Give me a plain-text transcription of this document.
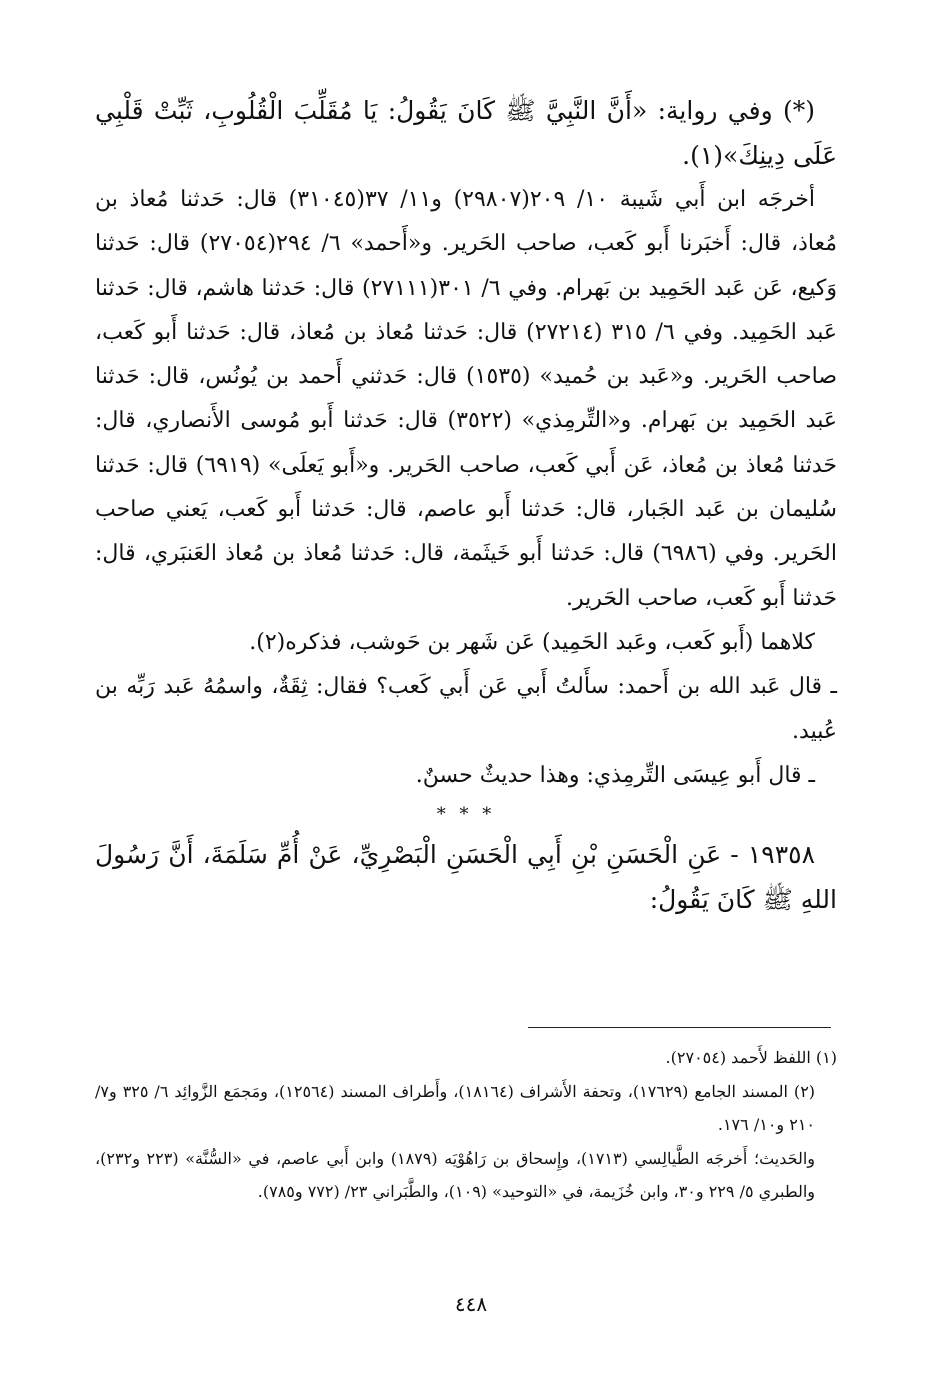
(*) وفي رواية: «أَنَّ النَّبِيَّ ﷺ كَانَ يَقُولُ: يَا مُقَلِّبَ الْقُلُوبِ، ثَبِّتْ قَلْبِي عَلَى دِينِكَ»(١).

أخرجَه ابن أَبي شَيبة ١٠/ ٢٠٩(٢٩٨٠٧) و١١/ ٣٧(٣١٠٤٥) قال: حَدثنا مُعاذ بن مُعاذ، قال: أَخبَرنا أَبو كَعب، صاحب الحَرير. و«أَحمد» ٦/ ٢٩٤(٢٧٠٥٤) قال: حَدثنا وَكيع، عَن عَبد الحَمِيد بن بَهرام. وفي ٦/ ٣٠١(٢٧١١١) قال: حَدثنا هاشم، قال: حَدثنا عَبد الحَمِيد. وفي ٦/ ٣١٥ (٢٧٢١٤) قال: حَدثنا مُعاذ بن مُعاذ، قال: حَدثنا أَبو كَعب، صاحب الحَرير. و«عَبد بن حُميد» (١٥٣٥) قال: حَدثني أَحمد بن يُونُس، قال: حَدثنا عَبد الحَمِيد بن بَهرام. و«التِّرمِذي» (٣٥٢٢) قال: حَدثنا أَبو مُوسى الأَنصاري، قال: حَدثنا مُعاذ بن مُعاذ، عَن أَبي كَعب، صاحب الحَرير. و«أَبو يَعلَى» (٦٩١٩) قال: حَدثنا سُليمان بن عَبد الجَبار، قال: حَدثنا أَبو عاصم، قال: حَدثنا أَبو كَعب، يَعني صاحب الحَرير. وفي (٦٩٨٦) قال: حَدثنا أَبو خَيثَمة، قال: حَدثنا مُعاذ بن مُعاذ العَنبَري، قال: حَدثنا أَبو كَعب، صاحب الحَرير.

كلاهما (أَبو كَعب، وعَبد الحَمِيد) عَن شَهر بن حَوشب، فذكره(٢).

ـ قال عَبد الله بن أَحمد: سأَلتُ أَبي عَن أَبي كَعب؟ فقال: ثِقَةٌ، واسمُهُ عَبد رَبِّه بن عُبيد.

ـ قال أَبو عِيسَى التِّرمِذي: وهذا حديثٌ حسنٌ.

* * *

١٩٣٥٨ - عَنِ الْحَسَنِ بْنِ أَبِي الْحَسَنِ الْبَصْرِيِّ، عَنْ أُمِّ سَلَمَةَ، أَنَّ رَسُولَ اللهِ ﷺ كَانَ يَقُولُ:

(١) اللفظ لأَحمد (٢٧٠٥٤).

(٢) المسند الجامع (١٧٦٢٩)، وتحفة الأَشراف (١٨١٦٤)، وأَطراف المسند (١٢٥٦٤)، ومَجمَع الزَّوائِد ٦/ ٣٢٥ و٧/ ٢١٠ و١٠/ ١٧٦.

والحَديث؛ أَخرجَه الطَّيالِسي (١٧١٣)، وإِسحاق بن رَاهُوْيَه (١٨٧٩) وابن أَبي عاصم، في «السُّنَّة» (٢٢٣ و٢٣٢)، والطبري ٥/ ٢٢٩ و٣٠، وابن خُزَيمة، في «التوحيد» (١٠٩)، والطَّبَراني ٢٣/ (٧٧٢ و٧٨٥).

٤٤٨
